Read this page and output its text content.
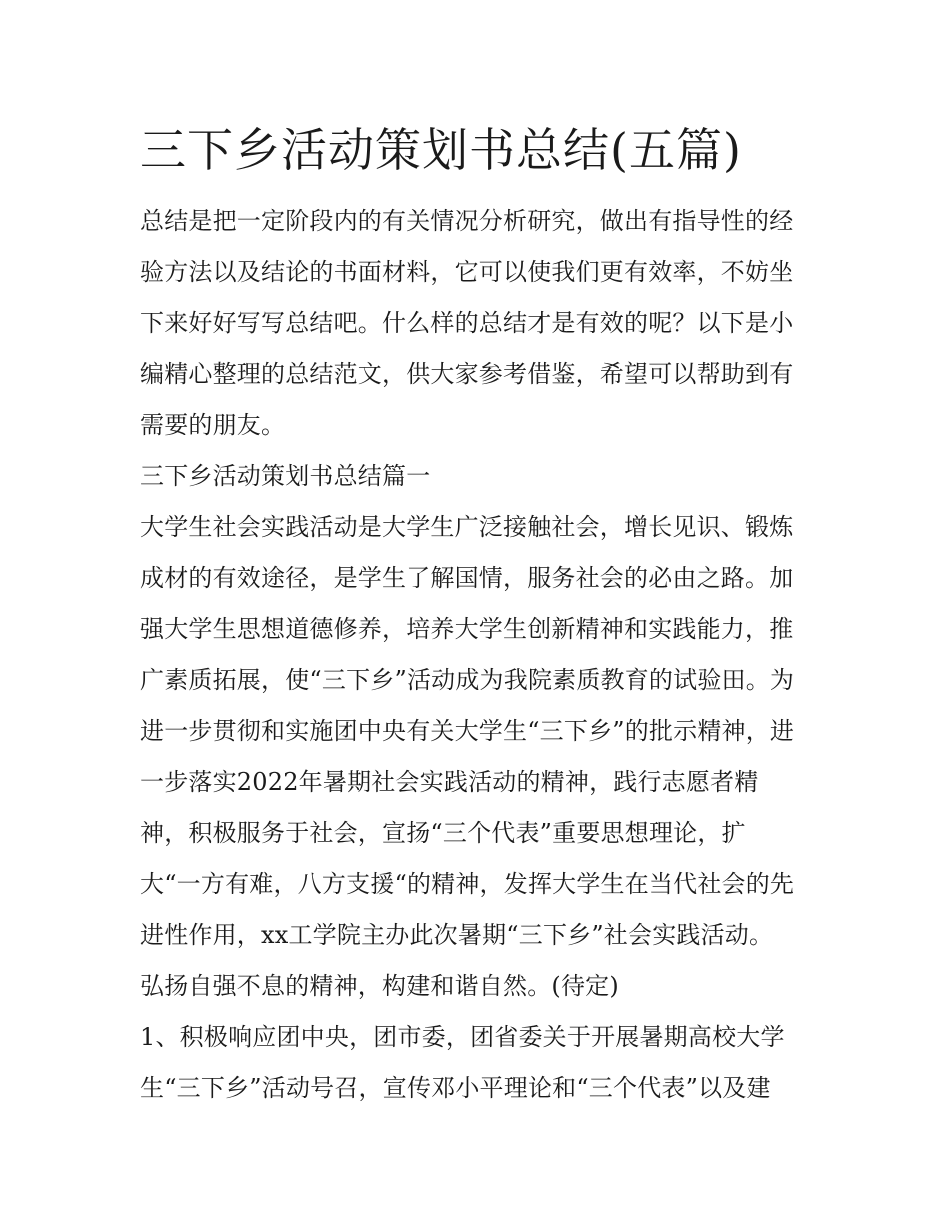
三下乡活动策划书总结(五篇)
总结是把一定阶段内的有关情况分析研究，做出有指导性的经
验方法以及结论的书面材料，它可以使我们更有效率，不妨坐
下来好好写写总结吧。什么样的总结才是有效的呢？以下是小
编精心整理的总结范文，供大家参考借鉴，希望可以帮助到有
需要的朋友。
三下乡活动策划书总结篇一
大学生社会实践活动是大学生广泛接触社会，增长见识、锻炼
成材的有效途径，是学生了解国情，服务社会的必由之路。加
强大学生思想道德修养，培养大学生创新精神和实践能力，推
广素质拓展，使“三下乡”活动成为我院素质教育的试验田。为
进一步贯彻和实施团中央有关大学生“三下乡”的批示精神，进
一步落实2022年暑期社会实践活动的精神，践行志愿者精
神，积极服务于社会，宣扬“三个代表”重要思想理论，扩
大“一方有难，八方支援“的精神，发挥大学生在当代社会的先
进性作用，xx工学院主办此次暑期“三下乡”社会实践活动。
弘扬自强不息的精神，构建和谐自然。(待定)
1、积极响应团中央，团市委，团省委关于开展暑期高校大学
生“三下乡”活动号召，宣传邓小平理论和“三个代表”以及建
